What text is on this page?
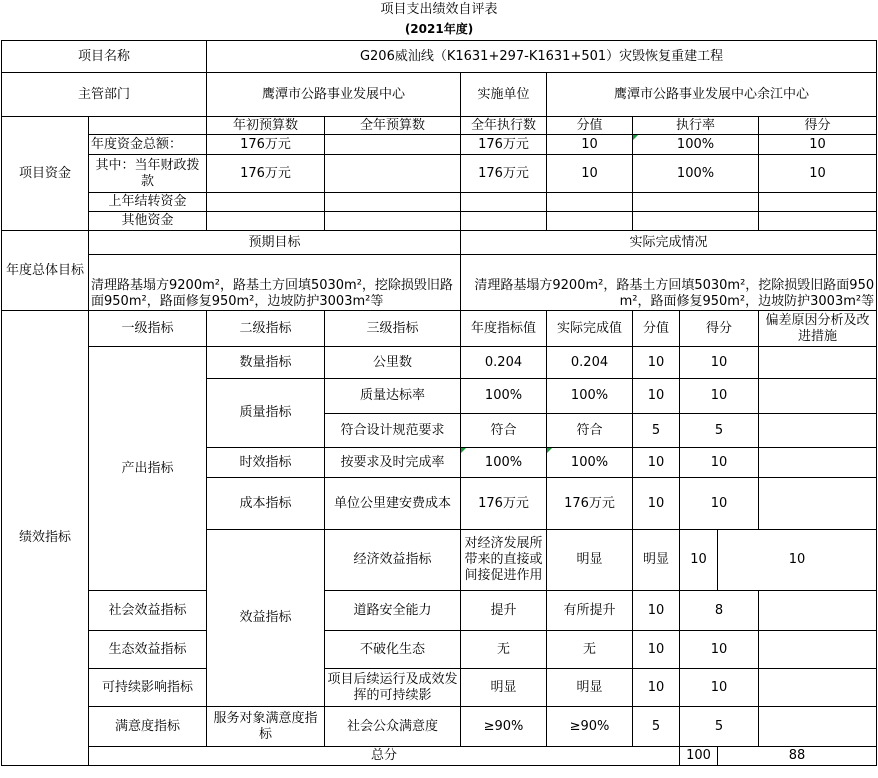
项目支出绩效自评表
(2021年度)
项目名称		G206威汕线（K1631+297-K1631+501）灾毁恢复重建工程								
主管部门		鹰潭市公路事业发展中心		实施单位	鹰潭市公路事业发展中心余江中心					
项目资金		年初预算数	全年预算数	全年执行数	分值	执行率			得分	
	年度资金总额：	176万元		176万元	10	100%			10	
	其中：当年财政拨款	176万元		176万元	10	100%			10	
	上年结转资金									
	其他资金									
年度总体目标	预期目标			实际完成情况						
	清理路基塌方9200m²，路基土方回填5030m²，挖除损毁旧路面950m²，路面修复950m²，边坡防护3003m²等			清理路基塌方9200m²，路基土方回填5030m²，挖除损毁旧路面950m²，路面修复950m²，边坡防护3003m²等						
绩效指标	一级指标	二级指标	三级指标	年度指标值	实际完成值	分值	得分		偏差原因分析及改进措施	
	产出指标	数量指标	公里数	0.204	0.204	10	10			
		质量指标	质量达标率	100%	100%	10	10			
			符合设计规范要求	符合	符合	5	5			
		时效指标	按要求及时完成率	100%	100%	10	10			
		成本指标	单位公里建安费成本	176万元	176万元	10	10			
		效益指标	经济效益指标	对经济发展所带来的直接或间接促进作用	明显	明显	10	10		
	社会效益指标		道路安全能力	提升	有所提升	10	8			
	生态效益指标		不破化生态	无	无	10	10			
	可持续影响指标		项目后续运行及成效发挥的可持续影	明显	明显	10	10			
	满意度指标	服务对象满意度指标	社会公众满意度	≥90%	≥90%	5	5			
	总分						100	88		
